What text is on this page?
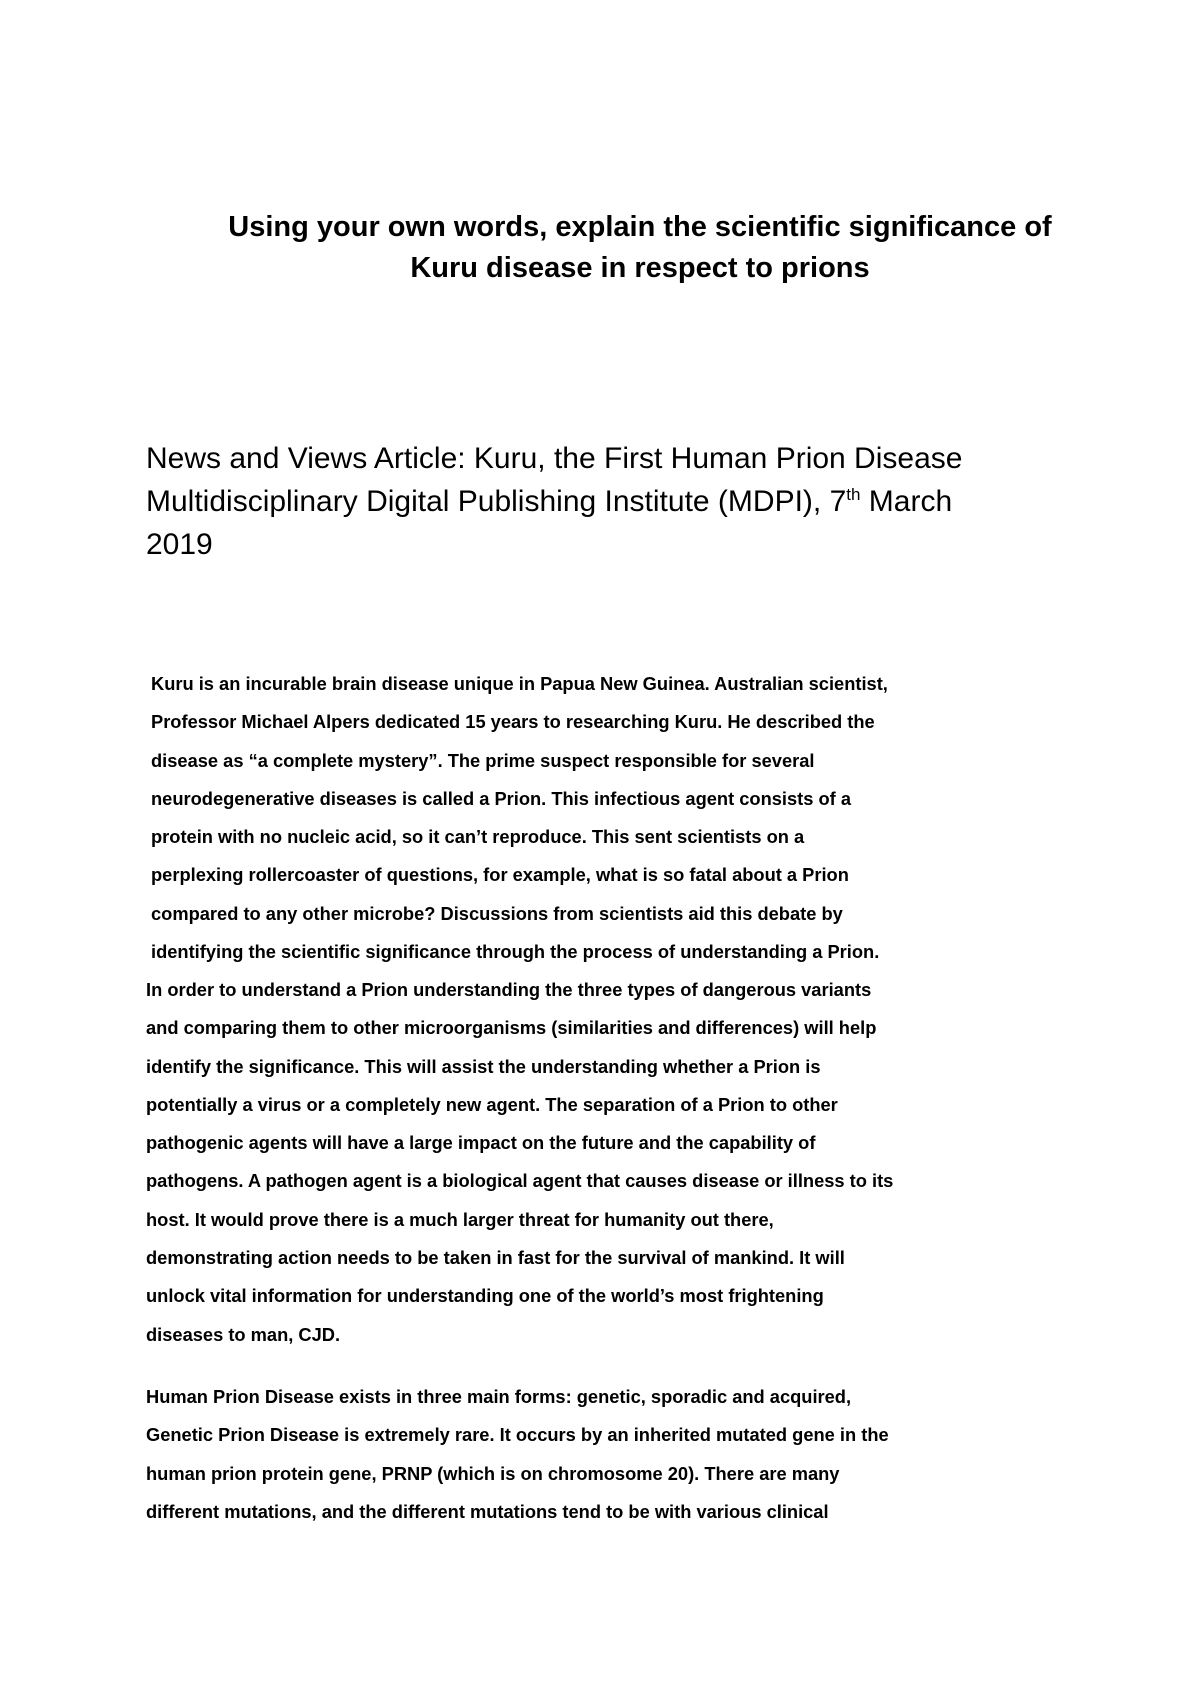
Using your own words, explain the scientific significance of
Kuru disease in respect to prions
News and Views Article: Kuru, the First Human Prion Disease
Multidisciplinary Digital Publishing Institute (MDPI), 7th March
2019
Kuru is an incurable brain disease unique in Papua New Guinea. Australian scientist,
Professor Michael Alpers dedicated 15 years to researching Kuru. He described the
disease as “a complete mystery”. The prime suspect responsible for several
neurodegenerative diseases is called a Prion. This infectious agent consists of a
protein with no nucleic acid, so it can’t reproduce. This sent scientists on a
perplexing rollercoaster of questions, for example, what is so fatal about a Prion
compared to any other microbe? Discussions from scientists aid this debate by
identifying the scientific significance through the process of understanding a Prion.
In order to understand a Prion understanding the three types of dangerous variants
and comparing them to other microorganisms (similarities and differences) will help
identify the significance. This will assist the understanding whether a Prion is
potentially a virus or a completely new agent. The separation of a Prion to other
pathogenic agents will have a large impact on the future and the capability of
pathogens. A pathogen agent is a biological agent that causes disease or illness to its
host. It would prove there is a much larger threat for humanity out there,
demonstrating action needs to be taken in fast for the survival of mankind. It will
unlock vital information for understanding one of the world’s most frightening
diseases to man, CJD.
Human Prion Disease exists in three main forms: genetic, sporadic and acquired,
Genetic Prion Disease is extremely rare. It occurs by an inherited mutated gene in the
human prion protein gene, PRNP (which is on chromosome 20). There are many
different mutations, and the different mutations tend to be with various clinical
